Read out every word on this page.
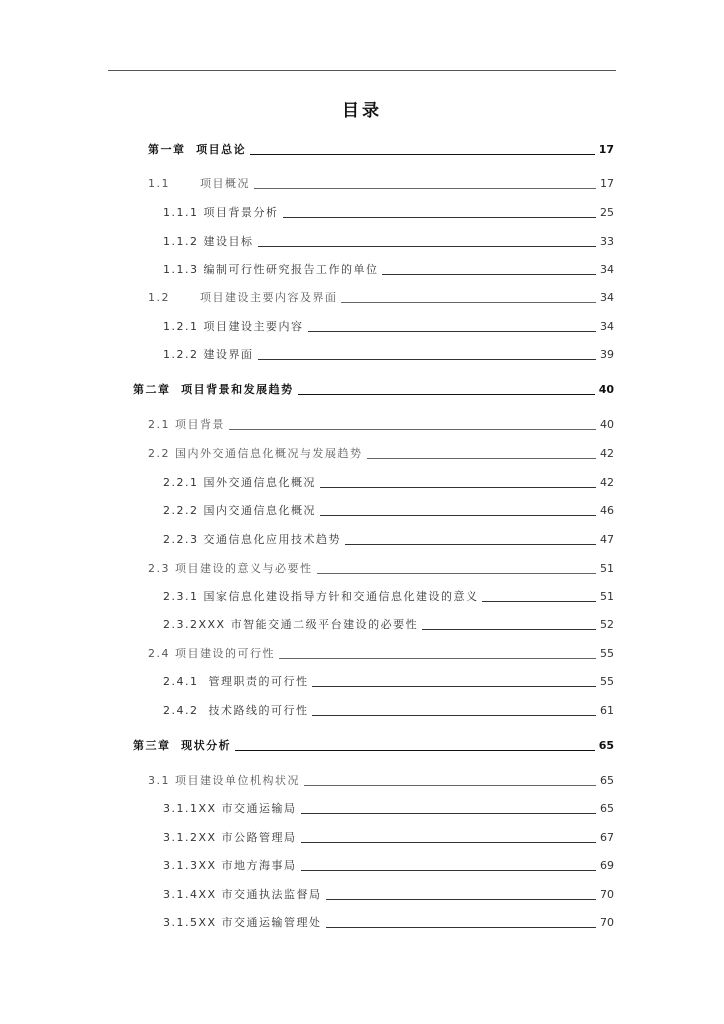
目录
第一章  项目总论	17
1.1      项目概况	17
1.1.1 项目背景分析	25
1.1.2 建设目标	33
1.1.3 编制可行性研究报告工作的单位	34
1.2      项目建设主要内容及界面	34
1.2.1 项目建设主要内容	34
1.2.2 建设界面	39
第二章  项目背景和发展趋势	40
2.1 项目背景	40
2.2 国内外交通信息化概况与发展趋势	42
2.2.1 国外交通信息化概况	42
2.2.2 国内交通信息化概况	46
2.2.3 交通信息化应用技术趋势	47
2.3 项目建设的意义与必要性	51
2.3.1 国家信息化建设指导方针和交通信息化建设的意义	51
2.3.2XXX 市智能交通二级平台建设的必要性	52
2.4 项目建设的可行性	55
2.4.1  管理职责的可行性	55
2.4.2  技术路线的可行性	61
第三章  现状分析	65
3.1 项目建设单位机构状况	65
3.1.1XX 市交通运输局	65
3.1.2XX 市公路管理局	67
3.1.3XX 市地方海事局	69
3.1.4XX 市交通执法监督局	70
3.1.5XX 市交通运输管理处	70
